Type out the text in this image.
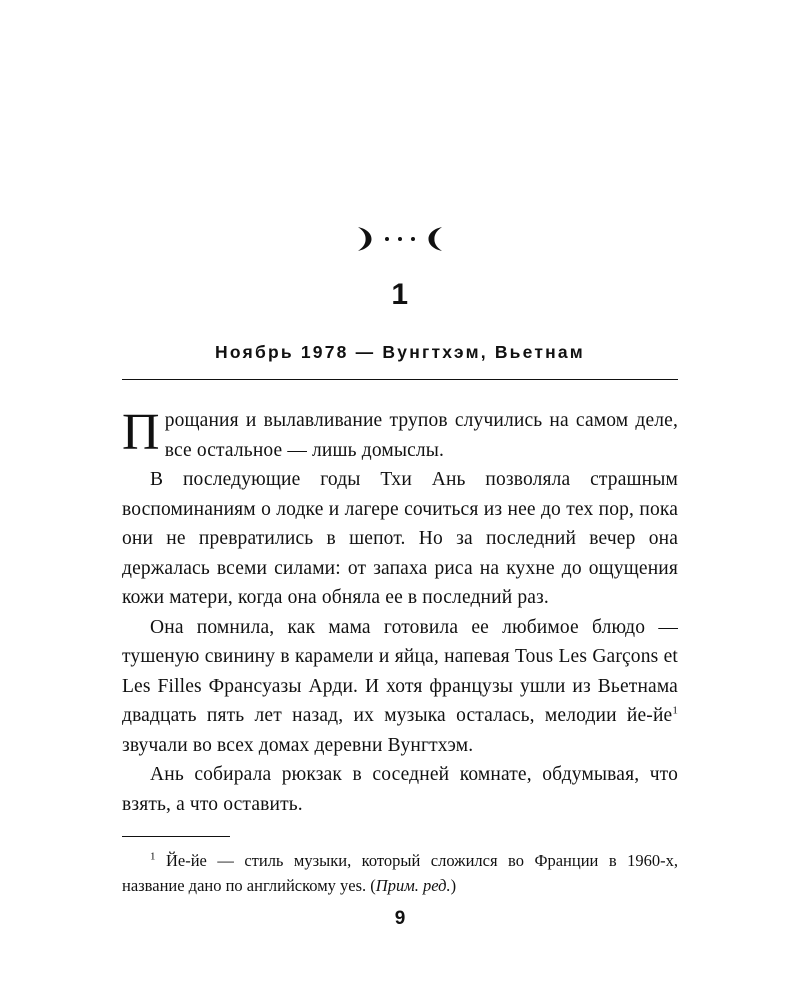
1
Ноябрь 1978 — Вунгтхэм, Вьетнам

Прощания и вылавливание трупов случились на самом деле, все остальное — лишь домыслы.

В последующие годы Тхи Ань позволяла страшным воспоминаниям о лодке и лагере сочиться из нее до тех пор, пока они не превратились в шепот. Но за последний вечер она держалась всеми силами: от запаха риса на кухне до ощущения кожи матери, когда она обняла ее в последний раз.

Она помнила, как мама готовила ее любимое блюдо — тушеную свинину в карамели и яйца, напевая Tous Les Garçons et Les Filles Франсуазы Арди. И хотя французы ушли из Вьетнама двадцать пять лет назад, их музыка осталась, мелодии йе-йе$^1$ звучали во всех домах деревни Вунгтхэм.

Ань собирала рюкзак в соседней комнате, обдумывая, что взять, а что оставить.

$^1$ Йе-йе — стиль музыки, который сложился во Франции в 1960-х, название дано по английскому yes. (Прим. ред.)
9
